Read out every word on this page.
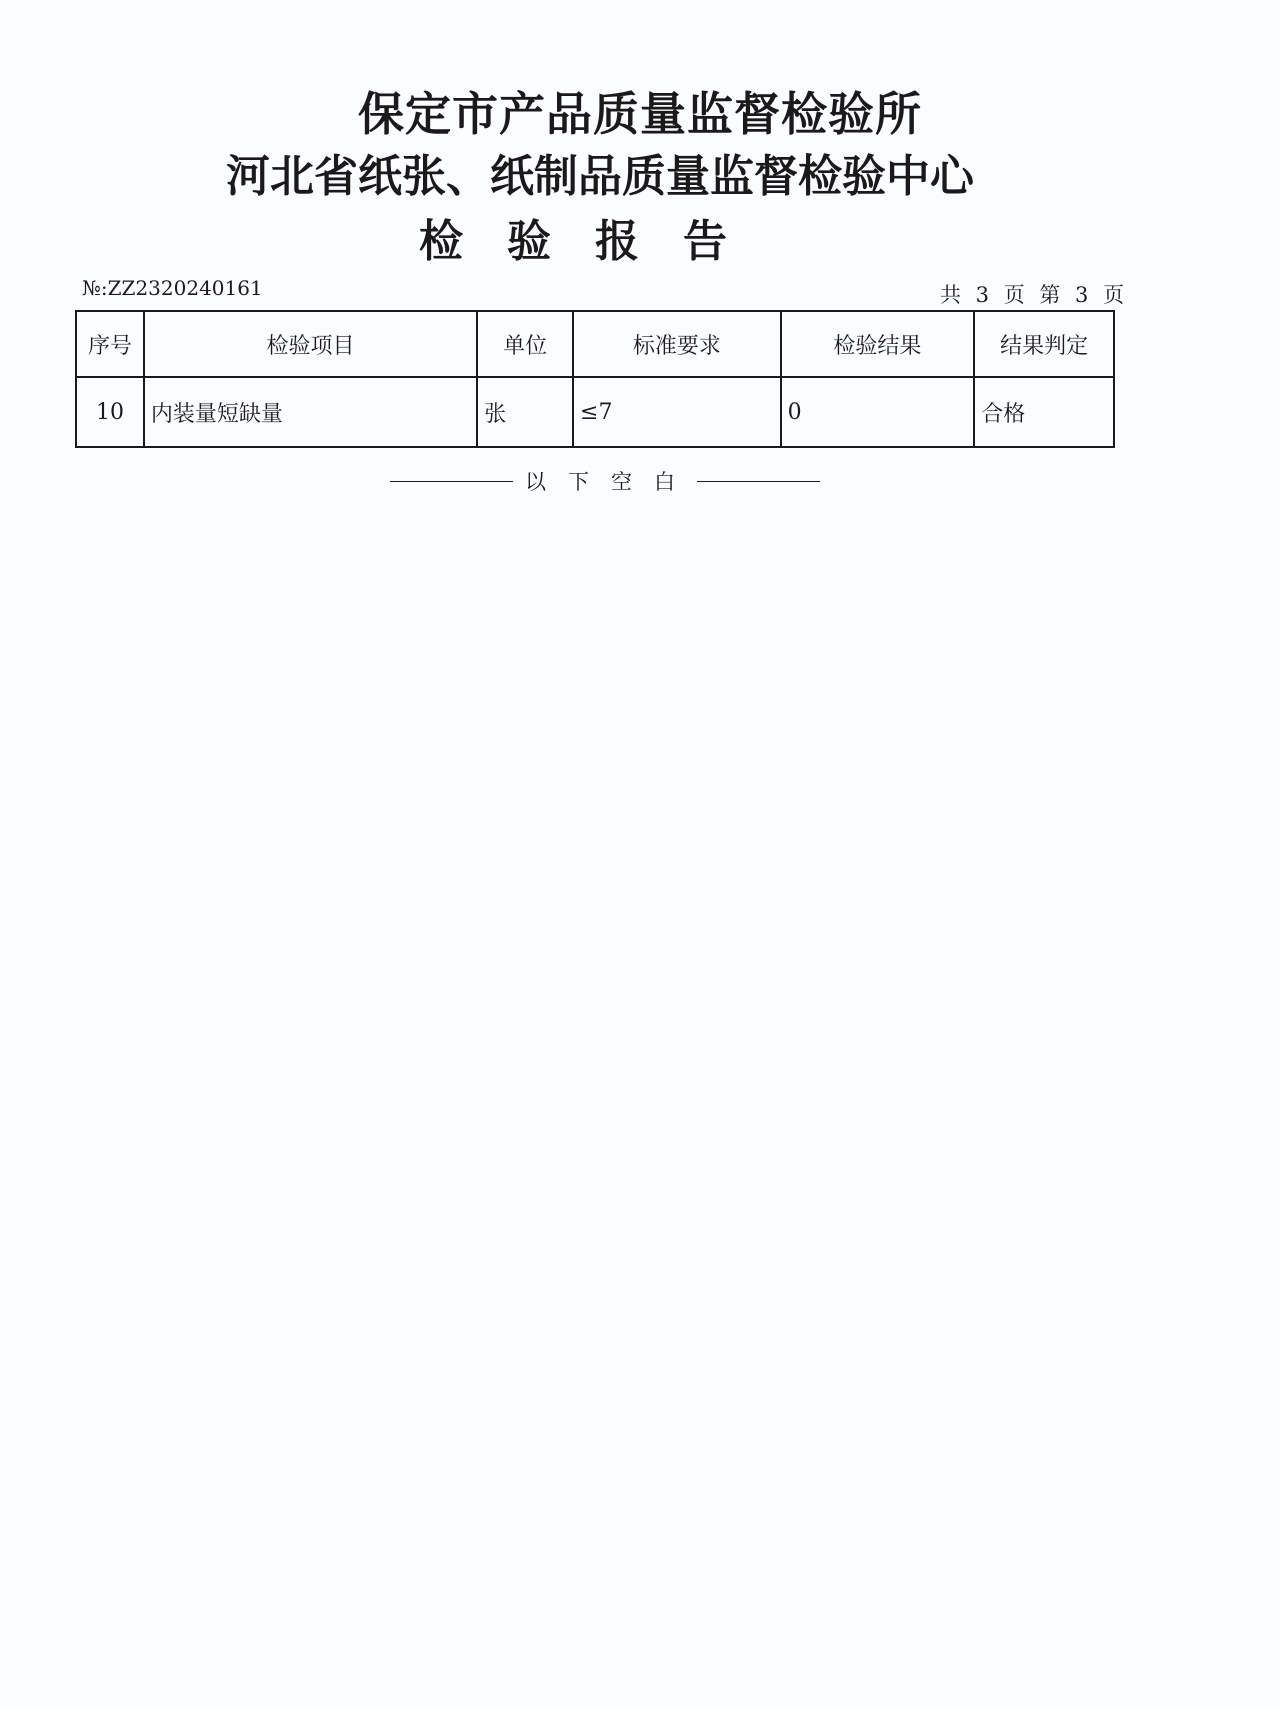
保定市产品质量监督检验所
河北省纸张、纸制品质量监督检验中心
检验报告
№:ZZ2320240161	共 3 页 第 3 页
序号	检验项目	单位	标准要求	检验结果	结果判定
10	内装量短缺量	张	≤7	0	合格
以下空白
